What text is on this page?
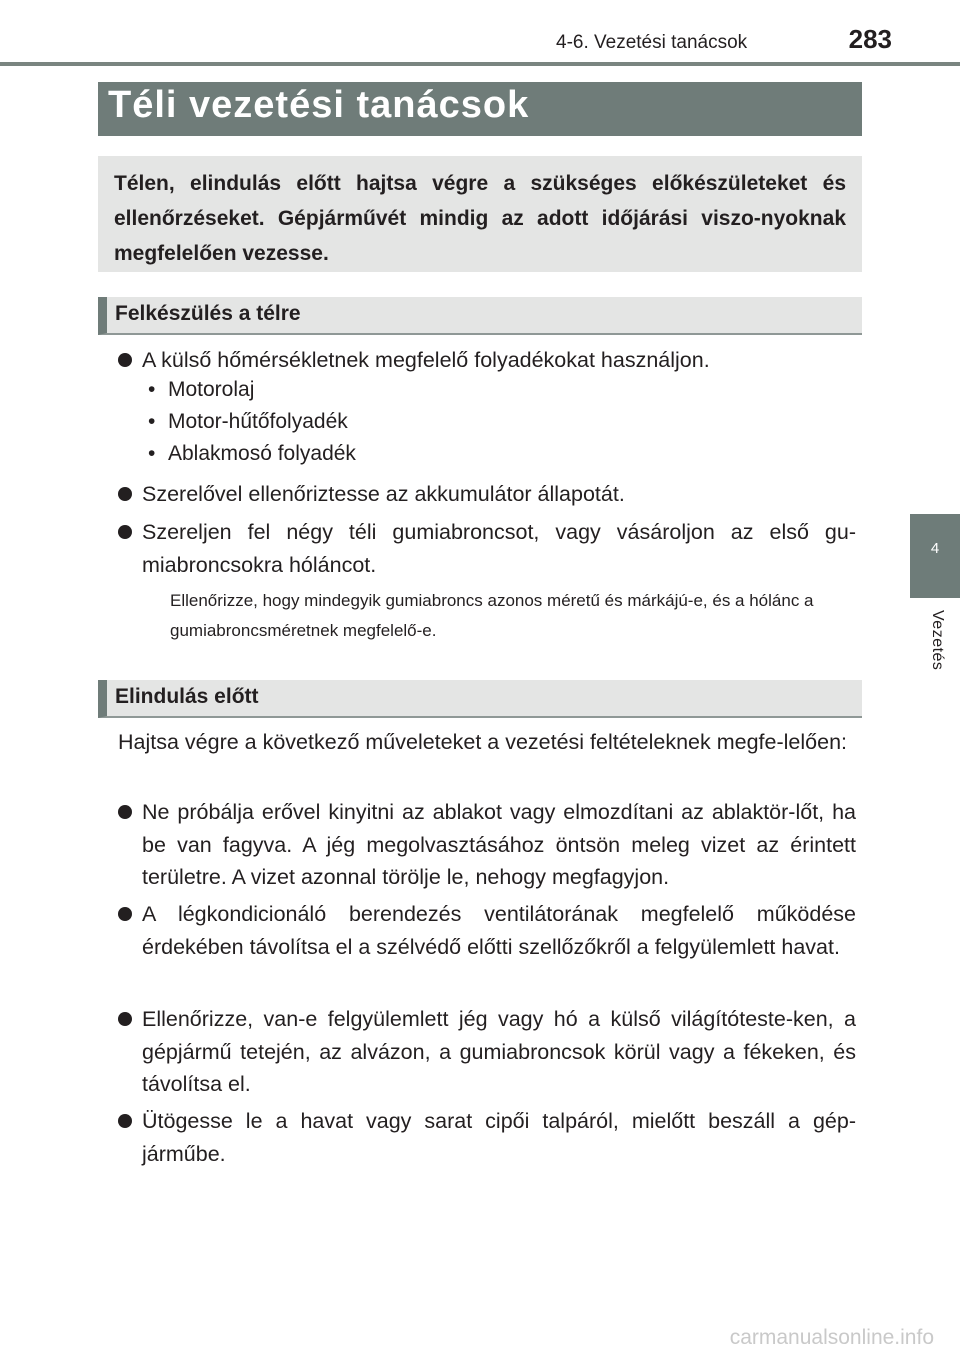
4-6. Vezetési tanácsok	283
4
Vezetés
Téli vezetési tanácsok
Télen, elindulás előtt hajtsa végre a szükséges előkészületeket és ellenőrzéseket. Gépjárművét mindig az adott időjárási viszo-nyoknak megfelelően vezesse.
Felkészülés a télre
A külső hőmérsékletnek megfelelő folyadékokat használjon.
• Motorolaj
• Motor-hűtőfolyadék
• Ablakmosó folyadék
Szerelővel ellenőriztesse az akkumulátor állapotát.
Szereljen fel négy téli gumiabroncsot, vagy vásároljon az első gu-miabroncsokra hóláncot.
Ellenőrizze, hogy mindegyik gumiabroncs azonos méretű és márkájú-e, és a hólánc a gumiabroncsméretnek megfelelő-e.
Elindulás előtt
Hajtsa végre a következő műveleteket a vezetési feltételeknek megfe-lelően:
Ne próbálja erővel kinyitni az ablakot vagy elmozdítani az ablaktör-lőt, ha be van fagyva. A jég megolvasztásához öntsön meleg vizet az érintett területre. A vizet azonnal törölje le, nehogy megfagyjon.
A légkondicionáló berendezés ventilátorának megfelelő működése érdekében távolítsa el a szélvédő előtti szellőzőkről a felgyülemlett havat.
Ellenőrizze, van-e felgyülemlett jég vagy hó a külső világítóteste-ken, a gépjármű tetején, az alvázon, a gumiabroncsok körül vagy a fékeken, és távolítsa el.
Ütögesse le a havat vagy sarat cipői talpáról, mielőtt beszáll a gép-járműbe.
carmanualsonline.info
